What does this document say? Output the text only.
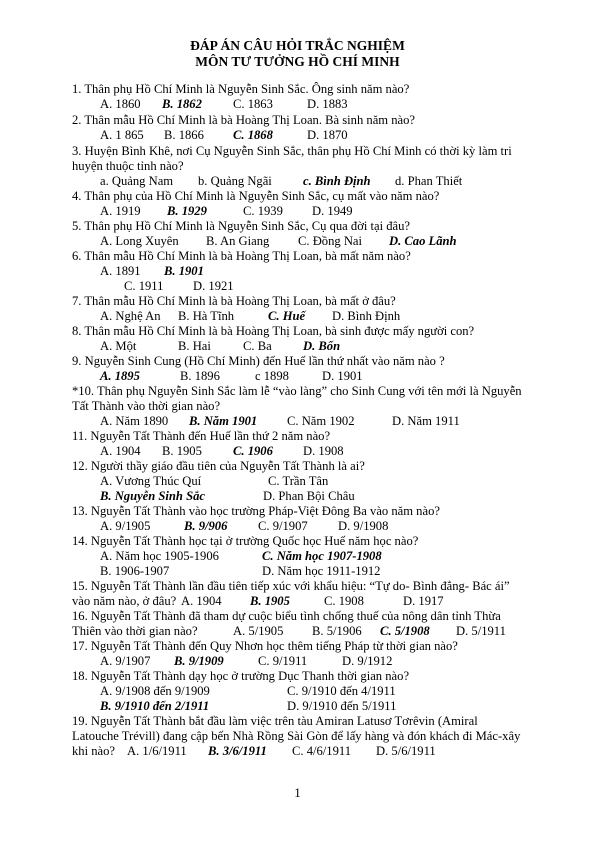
ĐÁP ÁN CÂU HỎI TRẮC NGHIỆM
MÔN TƯ TƯỞNG HỒ CHÍ MINH
1. Thân phụ Hồ Chí Minh là Nguyễn Sinh Sắc. Ông sinh năm nào?
A. 1860 B. 1862 C. 1863	D. 1883
2. Thân mẫu Hồ Chí Minh là bà Hoàng Thị Loan. Bà sinh năm nào?
A. 1 865 B. 1866 C. 1868	D. 1870
3. Huyện Bình Khê, nơi Cụ Nguyễn Sinh Sắc, thân phụ Hồ Chí Minh có thời kỳ làm tri
huyện thuộc tỉnh nào?
a. Quảng Nam b. Quảng Ngãi c. Bình Định d. Phan Thiết
4. Thân phụ của Hồ Chí Minh là Nguyễn Sinh Sắc, cụ mất vào năm nào?
A. 1919 B. 1929	C. 1939 D. 1949
5. Thân phụ Hồ Chí Minh là Nguyễn Sinh Sắc, Cụ qua đời tại đâu?
A. Long Xuyên B. An Giang C. Đồng Nai D. Cao Lãnh
6. Thân mẫu Hồ Chí Minh là bà Hoàng Thị Loan, bà mất năm nào?
A. 1891 B. 1901
C. 1911 D. 1921
7. Thân mẫu Hồ Chí Minh là bà Hoàng Thị Loan, bà mất ở đâu?
A. Nghệ An B. Hà Tĩnh	C. Huế D. Bình Định
8. Thân mẫu Hồ Chí Minh là bà Hoàng Thị Loan, bà sinh được mấy người con?
A. Một	B. Hai	C. Ba D. Bốn
9. Nguyễn Sinh Cung (Hồ Chí Minh) đến Huế lần thứ nhất vào năm nào ?
A. 1895	B. 1896	c 1898	D. 1901
*10. Thân phụ Nguyễn Sinh Sắc làm lễ “vào làng” cho Sinh Cung với tên mới là Nguyễn
Tất Thành vào thời gian nào?
A. Năm 1890 B. Năm 1901 C. Năm 1902	D. Năm 1911
11. Nguyễn Tất Thành đến Huế lần thứ 2 năm nào?
A. 1904 B. 1905 C. 1906 D. 1908
12. Người thầy giáo đầu tiên của Nguyễn Tất Thành là ai?
A. Vương Thúc Quí	C. Trần Tân
B. Nguyễn Sinh Sắc	D. Phan Bội Châu
13. Nguyễn Tất Thành vào học trường Pháp-Việt Đông Ba vào năm nào?
A. 9/1905	B. 9/906 C. 9/1907 D. 9/1908
14. Nguyễn Tất Thành học tại ở trường Quốc học Huế năm học nào?
A. Năm học 1905-1906	C. Năm học 1907-1908
B. 1906-1907	D. Năm học 1911-1912
15. Nguyễn Tất Thành lần đầu tiên tiếp xúc với khẩu hiệu: “Tự do- Bình đẳng- Bác ái”
vào năm nào, ở đâu? A. 1904 B. 1905	C. 1908	D. 1917
16. Nguyễn Tất Thành đã tham dự cuộc biểu tình chống thuế của nông dân tỉnh Thừa
Thiên vào thời gian nào?	A. 5/1905 B. 5/1906 C. 5/1908 D. 5/1911
17. Nguyễn Tất Thành đến Quy Nhơn học thêm tiếng Pháp từ thời gian nào?
A. 9/1907 B. 9/1909	C. 9/1911	D. 9/1912
18. Nguyễn Tất Thành dạy học ở trường Dục Thanh thời gian nào?
A. 9/1908 đến 9/1909	C. 9/1910 đến 4/1911
B. 9/1910 đến 2/1911	D. 9/1910 đến 5/1911
19. Nguyễn Tất Thành bắt đầu làm việc trên tàu Amiran Latusơ Tơrêvin (Amiral
Latouche Trévill) đang cập bến Nhà Rồng Sài Gòn để lấy hàng và đón khách đi Mác-xây
khi nào? A. 1/6/1911 B. 3/6/1911 C. 4/6/1911 D. 5/6/1911
1
